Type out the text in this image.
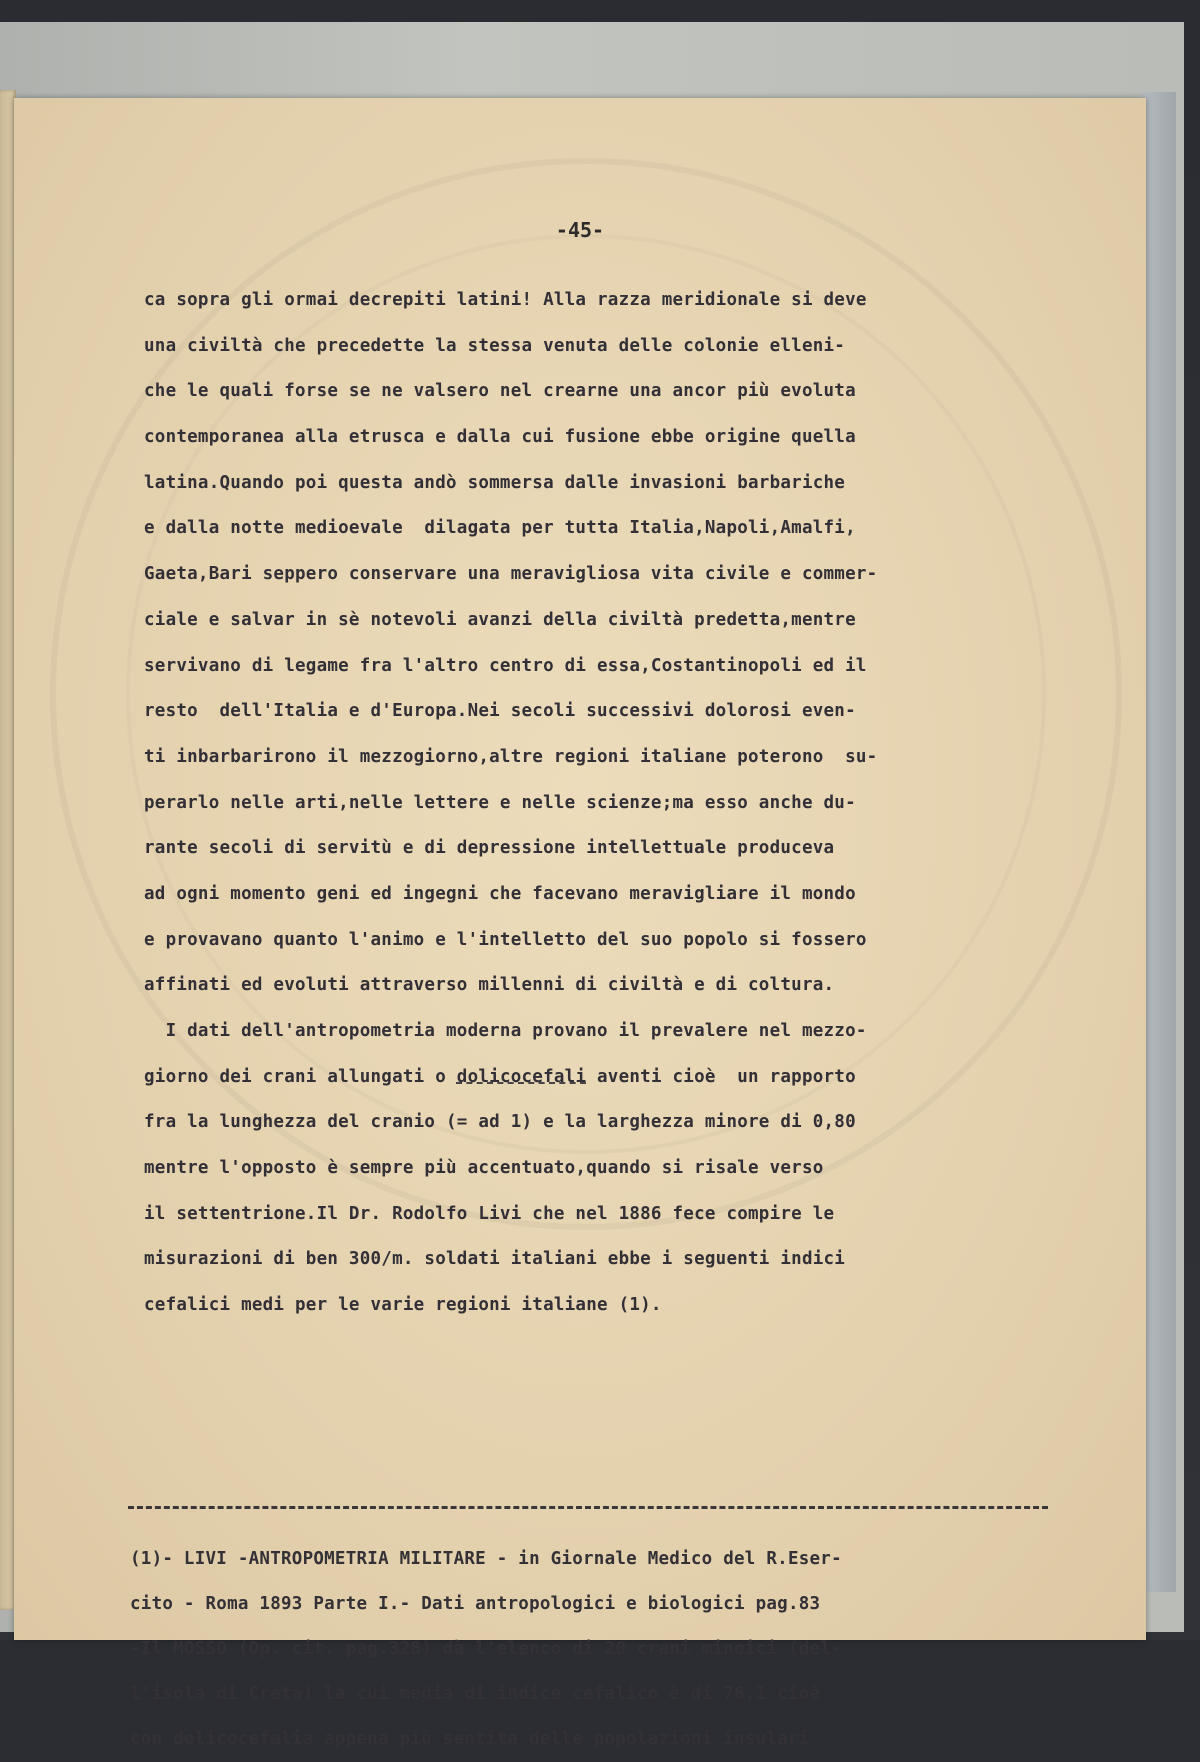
-45-
ca sopra gli ormai decrepiti latini! Alla razza meridionale si deve
una civiltà che precedette la stessa venuta delle colonie elleni-
che le quali forse se ne valsero nel crearne una ancor più evoluta
contemporanea alla etrusca e dalla cui fusione ebbe origine quella
latina.Quando poi questa andò sommersa dalle invasioni barbariche
e dalla notte medioevale  dilagata per tutta Italia,Napoli,Amalfi,
Gaeta,Bari seppero conservare una meravigliosa vita civile e commer-
ciale e salvar in sè notevoli avanzi della civiltà predetta,mentre
servivano di legame fra l'altro centro di essa,Costantinopoli ed il
resto  dell'Italia e d'Europa.Nei secoli successivi dolorosi even-
ti inbarbarirono il mezzogiorno,altre regioni italiane poterono  su-
perarlo nelle arti,nelle lettere e nelle scienze;ma esso anche du-
rante secoli di servitù e di depressione intellettuale produceva
ad ogni momento geni ed ingegni che facevano meravigliare il mondo
e provavano quanto l'animo e l'intelletto del suo popolo si fossero
affinati ed evoluti attraverso millenni di civiltà e di coltura.
I dati dell'antropometria moderna provano il prevalere nel mezzo-
giorno dei crani allungati o dolicocefali aventi cioè  un rapporto
fra la lunghezza del cranio (= ad 1) e la larghezza minore di 0,80
mentre l'opposto è sempre più accentuato,quando si risale verso
il settentrione.Il Dr. Rodolfo Livi che nel 1886 fece compire le
misurazioni di ben 300/m. soldati italiani ebbe i seguenti indici
cefalici medi per le varie regioni italiane (1).
(1)- LIVI -ANTROPOMETRIA MILITARE - in Giornale Medico del R.Eser-
cito - Roma 1893 Parte I.- Dati antropologici e biologici pag.83
-Il MOSSO (Op. cit. pag.328) dà l'elenco di 20 crani minoici (del-
l'isola di Creta) la cui media di indice cefalico è di 76,1 cioè
con dolicocefalia appena più sentita delle popolazioni insulari
